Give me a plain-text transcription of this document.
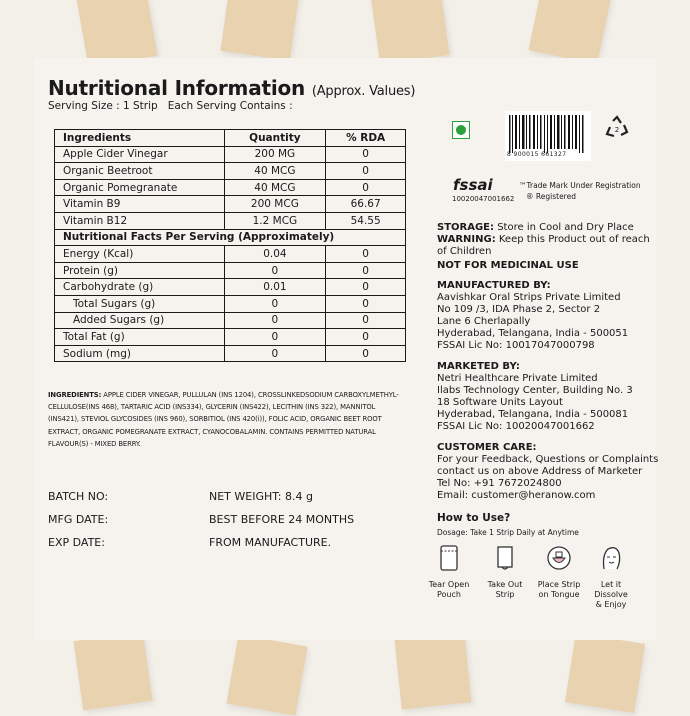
Nutritional Information (Approx. Values)
Serving Size : 1 Strip   Each Serving Contains :
Ingredients	Quantity	% RDA
Apple Cider Vinegar	200 MG	0
Organic Beetroot	40 MCG	0
Organic Pomegranate	40 MCG	0
Vitamin B9	200 MCG	66.67
Vitamin B12	1.2 MCG	54.55
Nutritional Facts Per Serving (Approximately)		
Energy (Kcal)	0.04	0
Protein (g)	0	0
Carbohydrate (g)	0.01	0
Total Sugars (g)	0	0
Added Sugars (g)	0	0
Total Fat (g)	0	0
Sodium (mg)	0	0
INGREDIENTS: APPLE CIDER VINEGAR, PULLULAN (INS 1204), CROSSLINKEDSODIUM CARBOXYLMETHYL-CELLULOSE(INS 468), TARTARIC ACID (INS334), GLYCERIN (INS422), LECITHIN (INS 322), MANNITOL (INS421), STEVIOL GLYCOSIDES (INS 960), SORBITIOL (INS 420(i)), FOLIC ACID, ORGANIC BEET ROOT EXTRACT, ORGANIC POMEGRANATE EXTRACT, CYANOCOBALAMIN. CONTAINS PERMITTED NATURAL FLAVOUR(S) - MIXED BERRY.
BATCH NO:
MFG DATE:
EXP DATE:
NET WEIGHT: 8.4 g
BEST BEFORE 24 MONTHS
FROM MANUFACTURE.
8 900015 661327
2
fssai
10020047001662
™Trade Mark Under Registration
® Registered
STORAGE: Store in Cool and Dry Place
WARNING: Keep this Product out of reach of Children
NOT FOR MEDICINAL USE
MANUFACTURED BY:
Aavishkar Oral Strips Private Limited
No 109 /3, IDA Phase 2, Sector 2
Lane 6 Cherlapally
Hyderabad, Telangana, India - 500051
FSSAI Lic No: 10017047000798
MARKETED BY:
Netri Healthcare Private Limited
Ilabs Technology Center, Building No. 3
18 Software Units Layout
Hyderabad, Telangana, India - 500081
FSSAI Lic No: 10020047001662
CUSTOMER CARE:
For your Feedback, Questions or Complaints
contact us on above Address of Marketer
Tel No: +91 7672024800
Email: customer@heranow.com
How to Use?
Dosage: Take 1 Strip Daily at Anytime
Tear Open
Pouch
Take Out
Strip
Place Strip
on Tongue
Let it Dissolve
& Enjoy
